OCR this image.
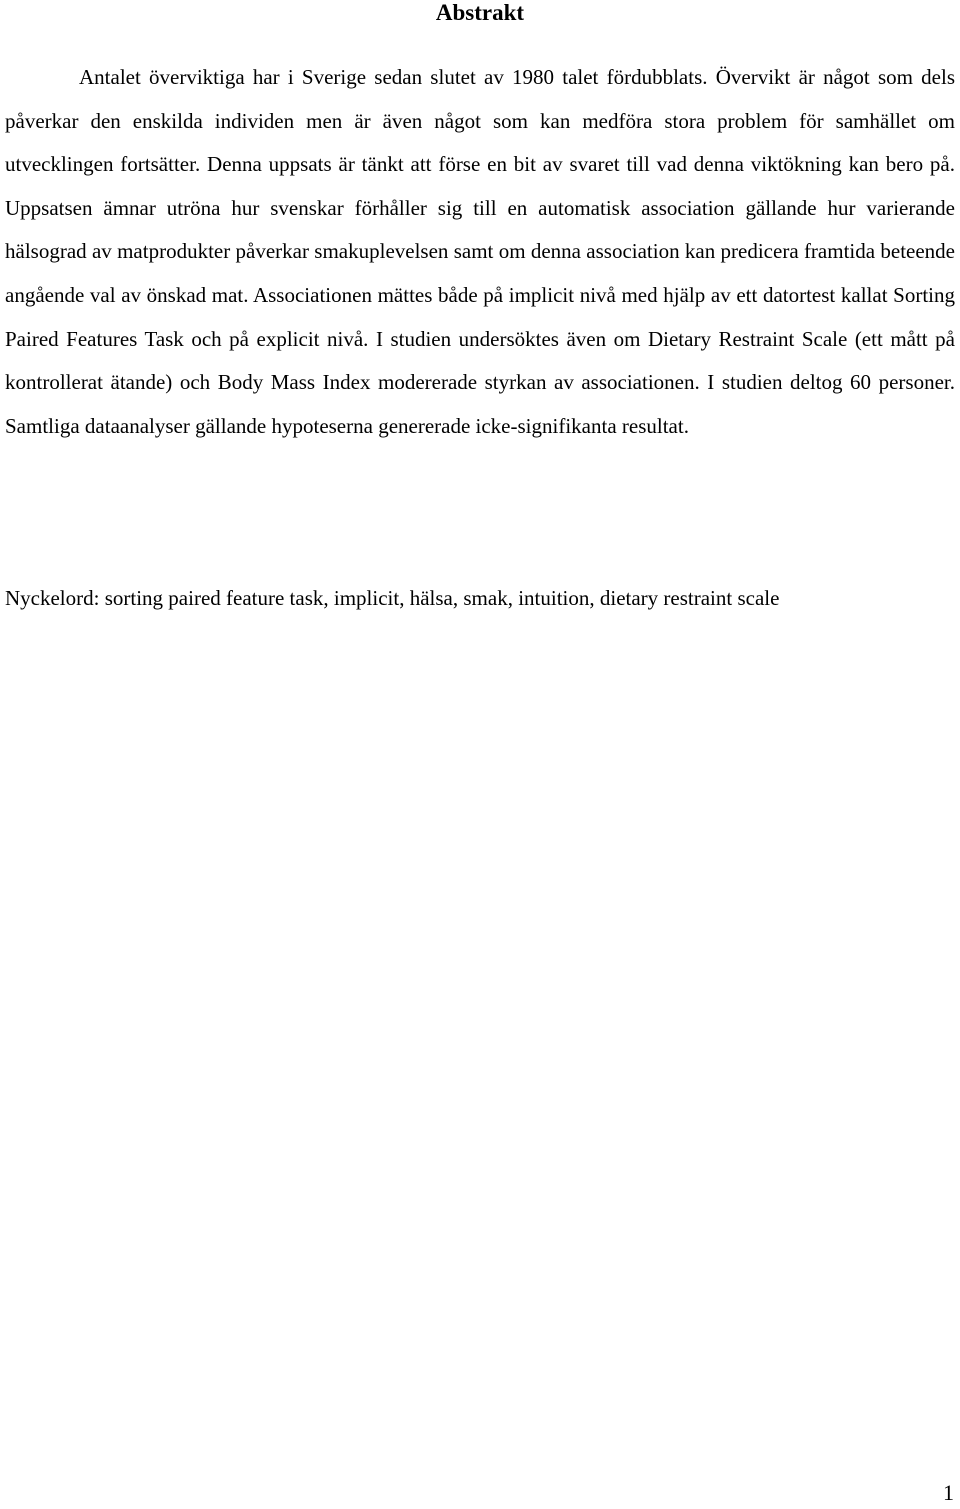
Abstrakt

Antalet överviktiga har i Sverige sedan slutet av 1980 talet fördubblats. Övervikt är något som dels påverkar den enskilda individen men är även något som kan medföra stora problem för samhället om utvecklingen fortsätter. Denna uppsats är tänkt att förse en bit av svaret till vad denna viktökning kan bero på. Uppsatsen ämnar utröna hur svenskar förhåller sig till en automatisk association gällande hur varierande hälsograd av matprodukter påverkar smakuplevelsen samt om denna association kan predicera framtida beteende angående val av önskad mat. Associationen mättes både på implicit nivå med hjälp av ett datortest kallat Sorting Paired Features Task och på explicit nivå. I studien undersöktes även om Dietary Restraint Scale (ett mått på kontrollerat ätande) och Body Mass Index modererade styrkan av associationen. I studien deltog 60 personer. Samtliga dataanalyser gällande hypoteserna genererade icke-signifikanta resultat.

Nyckelord: sorting paired feature task, implicit, hälsa, smak, intuition, dietary restraint scale

1
